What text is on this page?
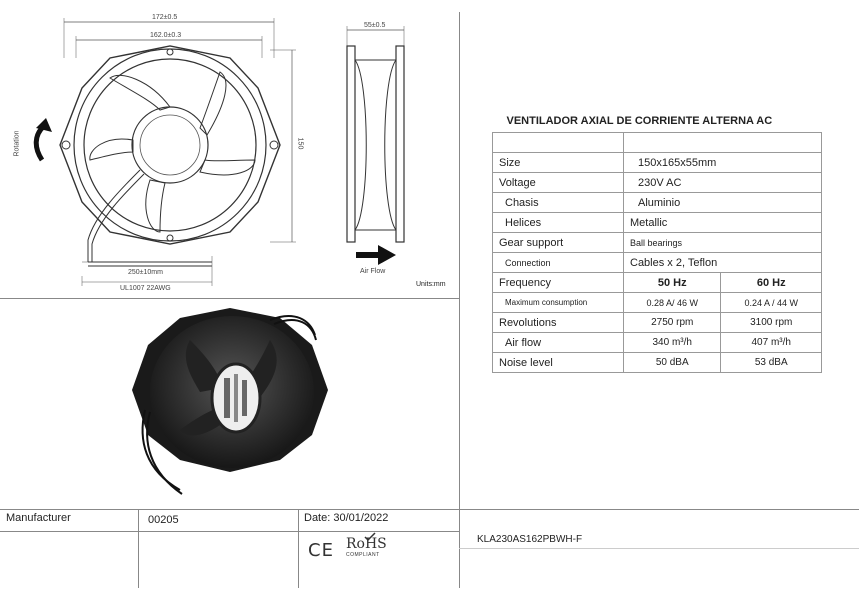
172±0.5
162.0±0.3
55±0.5
150
250±10mm
UL1007 22AWG
Rotation
Air Flow
Units:mm
VENTILADOR AXIAL DE CORRIENTE ALTERNA AC		

Size	150x165x55mm	
Voltage	230V AC	
Chasis	Aluminio	
Helices	Metallic	
Gear support	Ball bearings	
Connection	Cables x 2, Teflon	
Frequency	50 Hz	60 Hz
Maximum consumption	0.28 A/ 46 W	0.24 A / 44 W
Revolutions	2750 rpm	3100 rpm
Air flow	340 m³/h	407 m³/h
Noise level	50 dBA	53 dBA
Manufacturer	00205	Date: 30/01/2022
KLA230AS162PBWH-F
CE RoHS
COMPLIANT
